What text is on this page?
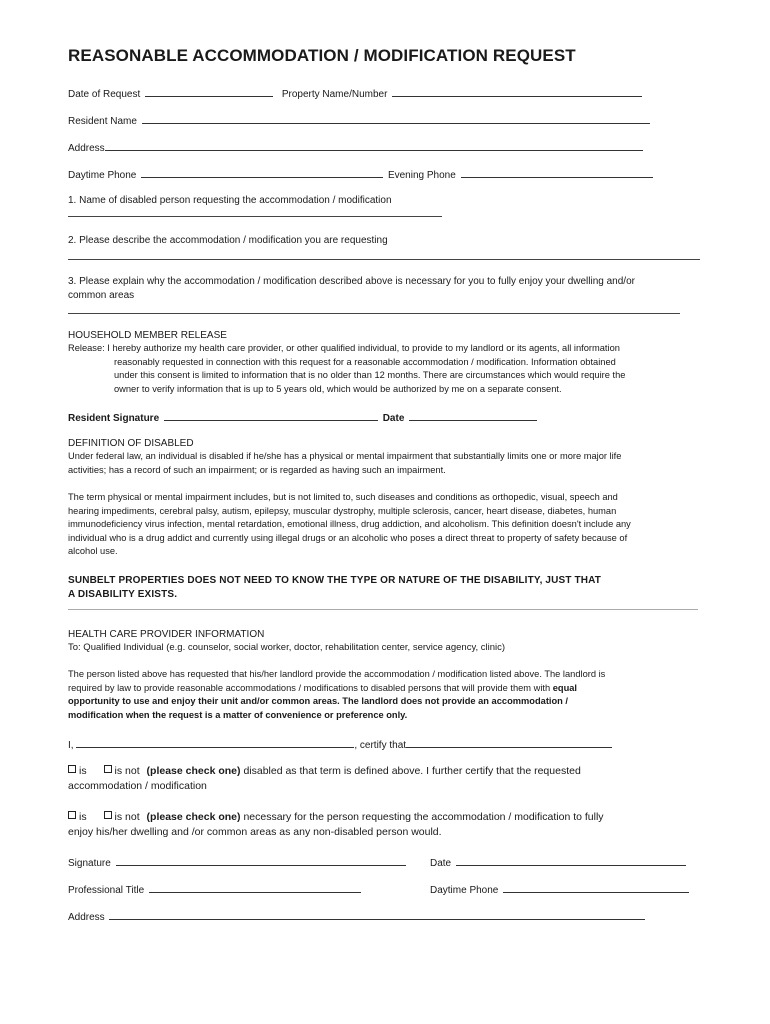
REASONABLE ACCOMMODATION / MODIFICATION REQUEST
Date of Request	Property Name/Number
Resident Name
Address
Daytime Phone	Evening Phone
1. Name of disabled person requesting the accommodation / modification
2. Please describe the accommodation / modification you are requesting
3. Please explain why the accommodation / modification described above is necessary for you to fully enjoy your dwelling and/or
common areas
HOUSEHOLD MEMBER RELEASE
Release: I hereby authorize my health care provider, or other qualified individual, to provide to my landlord or its agents, all information
reasonably requested in connection with this request for a reasonable accommodation / modification. Information obtained
under this consent is limited to information that is no older than 12 months. There are circumstances which would require the
owner to verify information that is up to 5 years old, which would be authorized by me on a separate consent.
Resident Signature	Date
DEFINITION OF DISABLED
Under federal law, an individual is disabled if he/she has a physical or mental impairment that substantially limits one or more major life
activities; has a record of such an impairment; or is regarded as having such an impairment.
The term physical or mental impairment includes, but is not limited to, such diseases and conditions as orthopedic, visual, speech and
hearing impediments, cerebral palsy, autism, epilepsy, muscular dystrophy, multiple sclerosis, cancer, heart disease, diabetes, human
immunodeficiency virus infection, mental retardation, emotional illness, drug addiction, and alcoholism. This definition doesn't include any
individual who is a drug addict and currently using illegal drugs or an alcoholic who poses a direct threat to property of safety because of
alcohol use.
SUNBELT PROPERTIES DOES NOT NEED TO KNOW THE TYPE OR NATURE OF THE DISABILITY, JUST THAT
A DISABILITY EXISTS.
HEALTH CARE PROVIDER INFORMATION
To: Qualified Individual (e.g. counselor, social worker, doctor, rehabilitation center, service agency, clinic)
The person listed above has requested that his/her landlord provide the accommodation / modification listed above. The landlord is
required by law to provide reasonable accommodations / modifications to disabled persons that will provide them with equal
opportunity to use and enjoy their unit and/or common areas. The landlord does not provide an accommodation /
modification when the request is a matter of convenience or preference only.
I,	, certify that
is	is not (please check one) disabled as that term is defined above. I further certify that the requested
accommodation / modification
is	is not (please check one) necessary for the person requesting the accommodation / modification to fully
enjoy his/her dwelling and /or common areas as any non-disabled person would.
Signature	Date
Professional Title	Daytime Phone
Address
